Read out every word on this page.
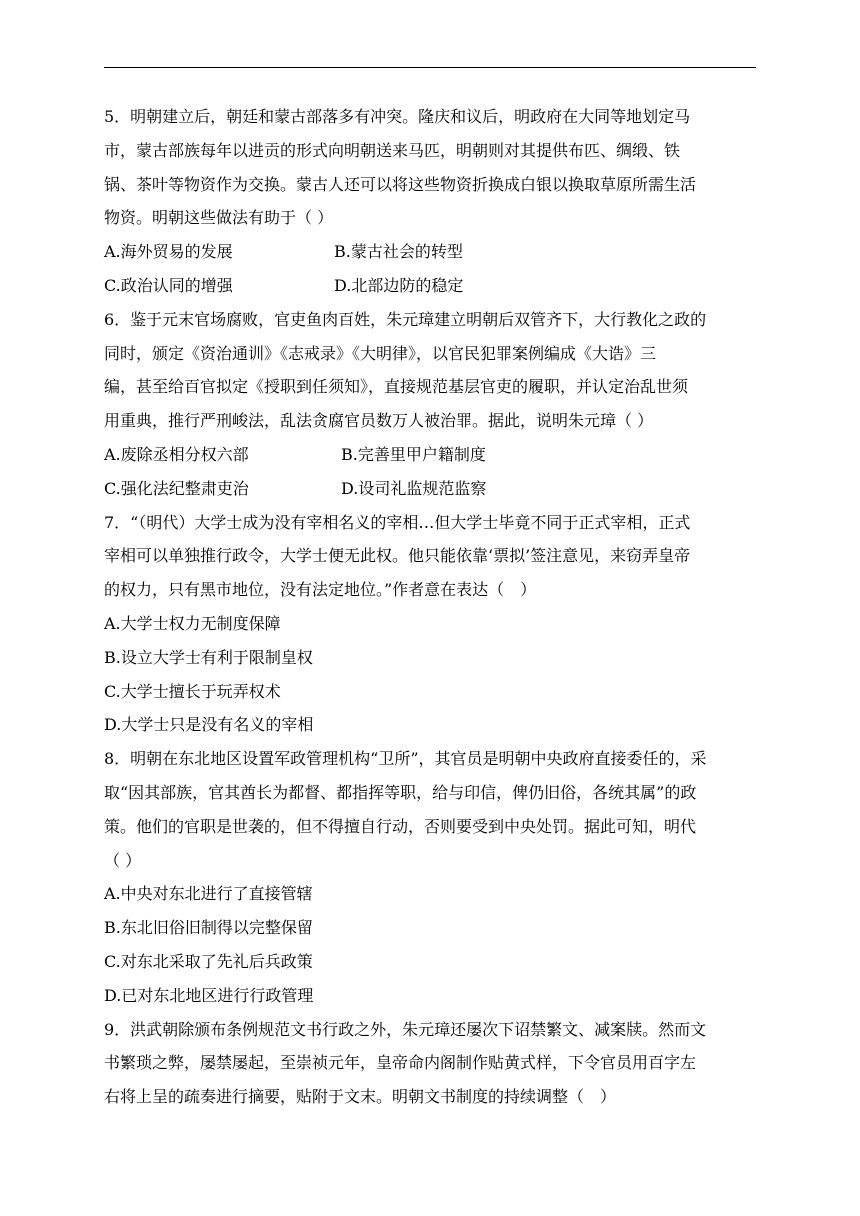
5．明朝建立后，朝廷和蒙古部落多有冲突。隆庆和议后，明政府在大同等地划定马
市，蒙古部族每年以进贡的形式向明朝送来马匹，明朝则对其提供布匹、绸缎、铁
锅、茶叶等物资作为交换。蒙古人还可以将这些物资折换成白银以换取草原所需生活
物资。明朝这些做法有助于（ ）
A.海外贸易的发展	B.蒙古社会的转型
C.政治认同的增强	D.北部边防的稳定
6．鉴于元末官场腐败，官吏鱼肉百姓，朱元璋建立明朝后双管齐下，大行教化之政的
同时，颁定《资治通训》《志戒录》《大明律》，以官民犯罪案例编成《大诰》三
编，甚至给百官拟定《授职到任须知》，直接规范基层官吏的履职，并认定治乱世须
用重典，推行严刑峻法，乱法贪腐官员数万人被治罪。据此，说明朱元璋（ ）
A.废除丞相分权六部	B.完善里甲户籍制度
C.强化法纪整肃吏治	D.设司礼监规范监察
7．“（明代）大学士成为没有宰相名义的宰相…但大学士毕竟不同于正式宰相，正式
宰相可以单独推行政令，大学士便无此权。他只能依靠‘票拟’签注意见，来窃弄皇帝
的权力，只有黑市地位，没有法定地位。”作者意在表达（　）
A.大学士权力无制度保障
B.设立大学士有利于限制皇权
C.大学士擅长于玩弄权术
D.大学士只是没有名义的宰相
8．明朝在东北地区设置军政管理机构“卫所”，其官员是明朝中央政府直接委任的，采
取“因其部族，官其酋长为都督、都指挥等职，给与印信，俾仍旧俗，各统其属”的政
策。他们的官职是世袭的，但不得擅自行动，否则要受到中央处罚。据此可知，明代
（ ）
A.中央对东北进行了直接管辖
B.东北旧俗旧制得以完整保留
C.对东北采取了先礼后兵政策
D.已对东北地区进行行政管理
9．洪武朝除颁布条例规范文书行政之外，朱元璋还屡次下诏禁繁文、减案牍。然而文
书繁琐之弊，屡禁屡起，至崇祯元年，皇帝命内阁制作贴黄式样，下令官员用百字左
右将上呈的疏奏进行摘要，贴附于文末。明朝文书制度的持续调整（　）
